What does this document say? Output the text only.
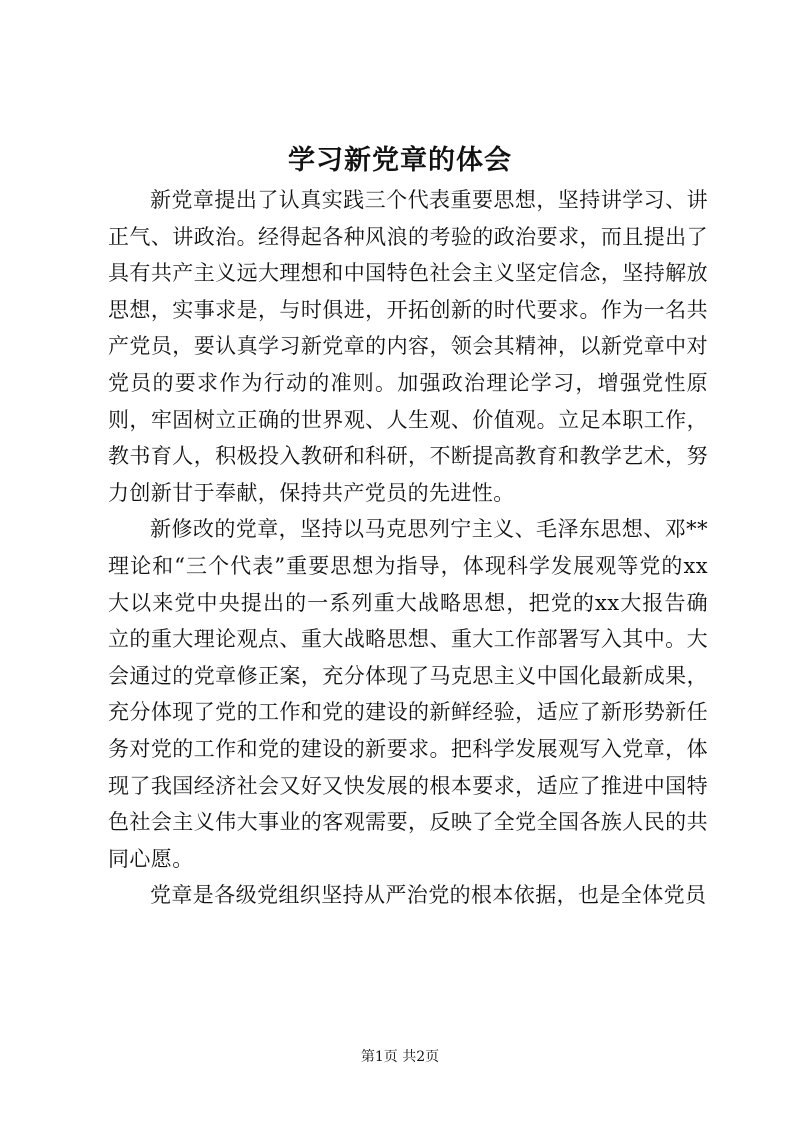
学习新党章的体会

新党章提出了认真实践三个代表重要思想，坚持讲学习、讲正气、讲政治。经得起各种风浪的考验的政治要求，而且提出了具有共产主义远大理想和中国特色社会主义坚定信念，坚持解放思想，实事求是，与时俱进，开拓创新的时代要求。作为一名共产党员，要认真学习新党章的内容，领会其精神，以新党章中对党员的要求作为行动的准则。加强政治理论学习，增强党性原则，牢固树立正确的世界观、人生观、价值观。立足本职工作，教书育人，积极投入教研和科研，不断提高教育和教学艺术，努力创新甘于奉献，保持共产党员的先进性。

新修改的党章，坚持以马克思列宁主义、毛泽东思想、邓**理论和“三个代表”重要思想为指导，体现科学发展观等党的xx大以来党中央提出的一系列重大战略思想，把党的xx大报告确立的重大理论观点、重大战略思想、重大工作部署写入其中。大会通过的党章修正案，充分体现了马克思主义中国化最新成果，充分体现了党的工作和党的建设的新鲜经验，适应了新形势新任务对党的工作和党的建设的新要求。把科学发展观写入党章，体现了我国经济社会又好又快发展的根本要求，适应了推进中国特色社会主义伟大事业的客观需要，反映了全党全国各族人民的共同心愿。

党章是各级党组织坚持从严治党的根本依据，也是全体党员

第1页 共2页
